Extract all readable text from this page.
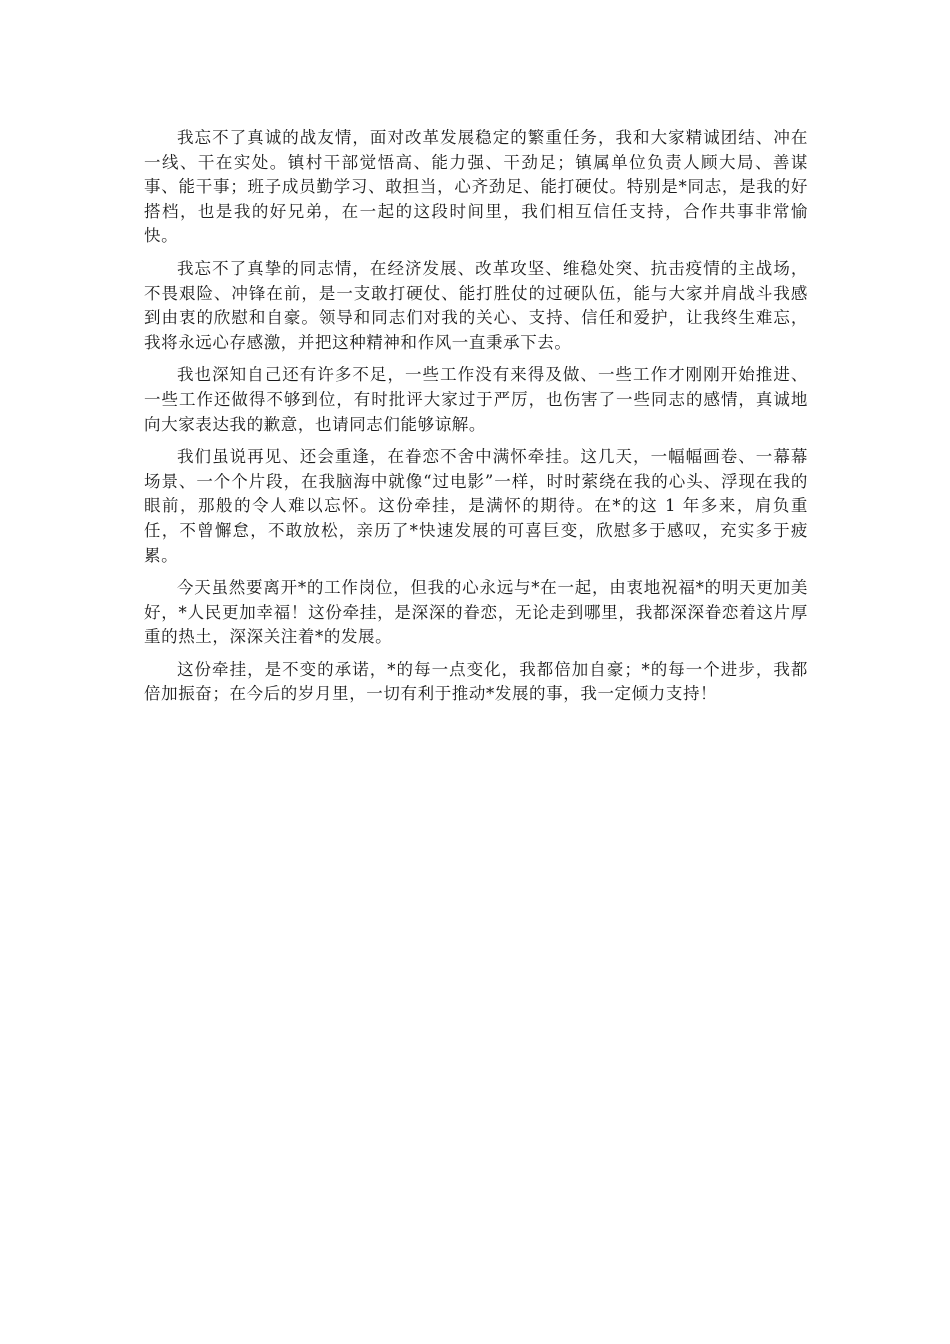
我忘不了真诚的战友情，面对改革发展稳定的繁重任务，我和大家精诚团结、冲在一线、干在实处。镇村干部觉悟高、能力强、干劲足；镇属单位负责人顾大局、善谋事、能干事；班子成员勤学习、敢担当，心齐劲足、能打硬仗。特别是*同志，是我的好搭档，也是我的好兄弟，在一起的这段时间里，我们相互信任支持，合作共事非常愉快。

我忘不了真挚的同志情，在经济发展、改革攻坚、维稳处突、抗击疫情的主战场，不畏艰险、冲锋在前，是一支敢打硬仗、能打胜仗的过硬队伍，能与大家并肩战斗我感到由衷的欣慰和自豪。领导和同志们对我的关心、支持、信任和爱护，让我终生难忘，我将永远心存感激，并把这种精神和作风一直秉承下去。

我也深知自己还有许多不足，一些工作没有来得及做、一些工作才刚刚开始推进、一些工作还做得不够到位，有时批评大家过于严厉，也伤害了一些同志的感情，真诚地向大家表达我的歉意，也请同志们能够谅解。

我们虽说再见、还会重逢，在眷恋不舍中满怀牵挂。这几天，一幅幅画卷、一幕幕场景、一个个片段，在我脑海中就像“过电影”一样，时时萦绕在我的心头、浮现在我的眼前，那般的令人难以忘怀。这份牵挂，是满怀的期待。在*的这 1 年多来，肩负重任，不曾懈怠，不敢放松，亲历了*快速发展的可喜巨变，欣慰多于感叹，充实多于疲累。

今天虽然要离开*的工作岗位，但我的心永远与*在一起，由衷地祝福*的明天更加美好，*人民更加幸福！这份牵挂，是深深的眷恋，无论走到哪里，我都深深眷恋着这片厚重的热土，深深关注着*的发展。

这份牵挂，是不变的承诺，*的每一点变化，我都倍加自豪；*的每一个进步，我都倍加振奋；在今后的岁月里，一切有利于推动*发展的事，我一定倾力支持！
